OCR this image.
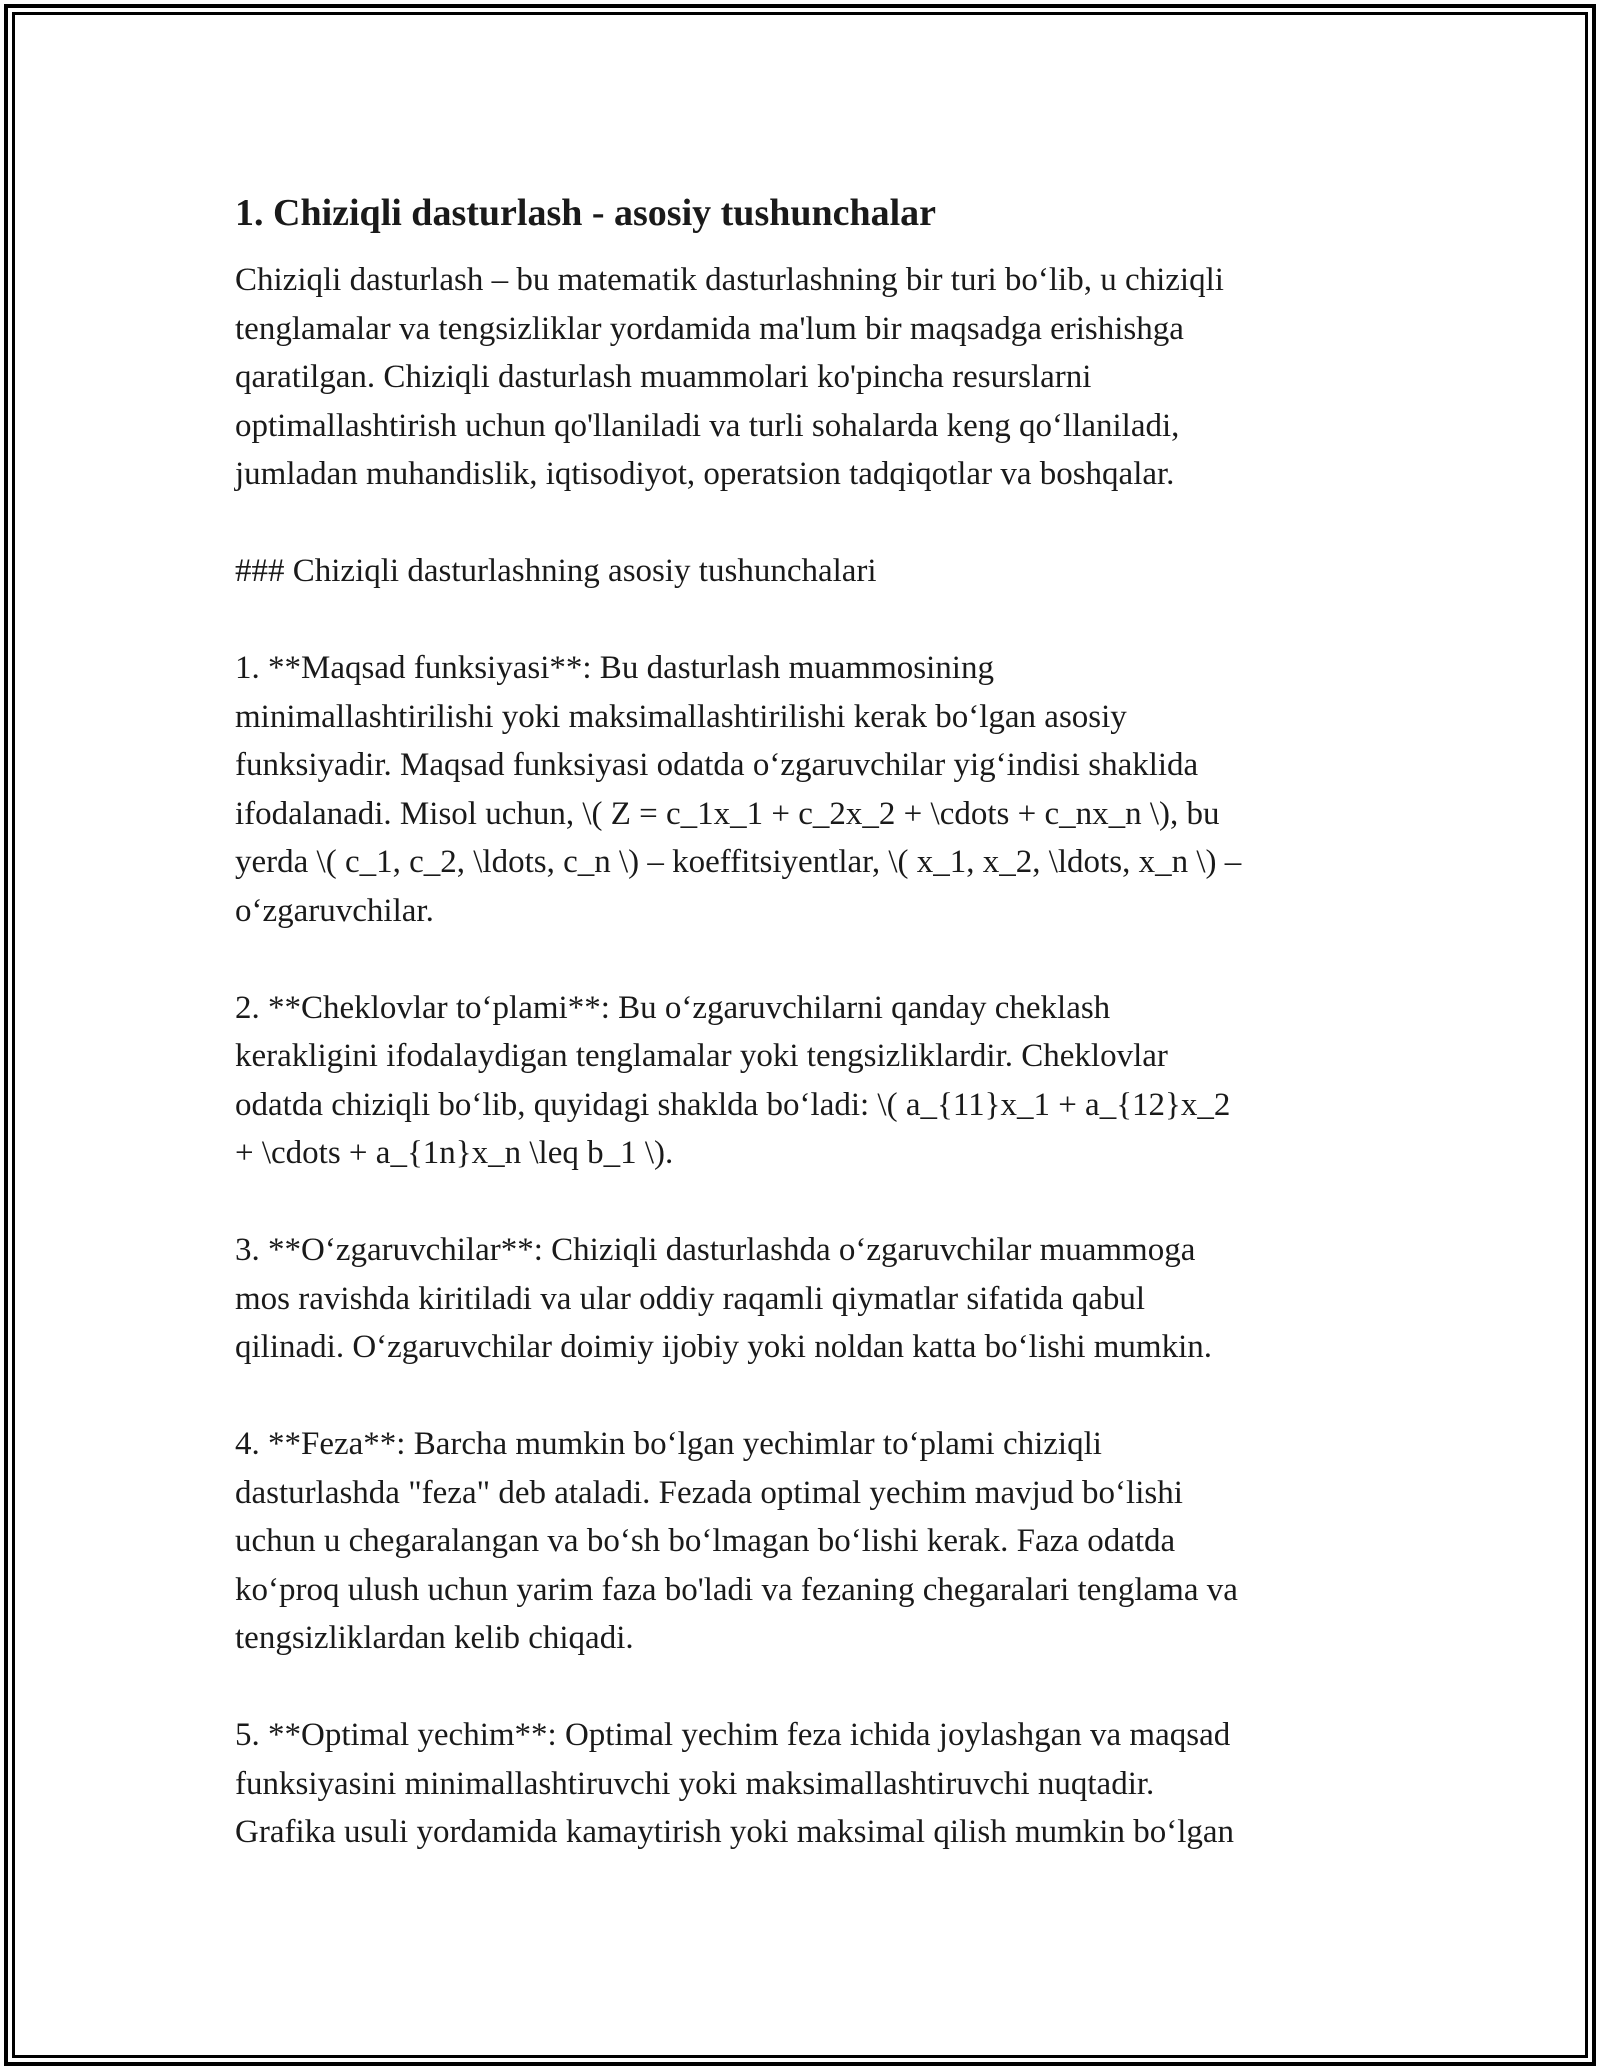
1. Chiziqli dasturlash - asosiy tushunchalar
Chiziqli dasturlash – bu matematik dasturlashning bir turi bo‘lib, u chiziqli
tenglamalar va tengsizliklar yordamida ma'lum bir maqsadga erishishga
qaratilgan. Chiziqli dasturlash muammolari ko'pincha resurslarni
optimallashtirish uchun qo'llaniladi va turli sohalarda keng qo‘llaniladi,
jumladan muhandislik, iqtisodiyot, operatsion tadqiqotlar va boshqalar.
### Chiziqli dasturlashning asosiy tushunchalari
1. **Maqsad funksiyasi**: Bu dasturlash muammosining
minimallashtirilishi yoki maksimallashtirilishi kerak bo‘lgan asosiy
funksiyadir. Maqsad funksiyasi odatda o‘zgaruvchilar yig‘indisi shaklida
ifodalanadi. Misol uchun, \( Z = c_1x_1 + c_2x_2 + \cdots + c_nx_n \), bu
yerda \( c_1, c_2, \ldots, c_n \) – koeffitsiyentlar, \( x_1, x_2, \ldots, x_n \) –
o‘zgaruvchilar.
2. **Cheklovlar to‘plami**: Bu o‘zgaruvchilarni qanday cheklash
kerakligini ifodalaydigan tenglamalar yoki tengsizliklardir. Cheklovlar
odatda chiziqli bo‘lib, quyidagi shaklda bo‘ladi: \( a_{11}x_1 + a_{12}x_2
+ \cdots + a_{1n}x_n \leq b_1 \).
3. **O‘zgaruvchilar**: Chiziqli dasturlashda o‘zgaruvchilar muammoga
mos ravishda kiritiladi va ular oddiy raqamli qiymatlar sifatida qabul
qilinadi. O‘zgaruvchilar doimiy ijobiy yoki noldan katta bo‘lishi mumkin.
4. **Feza**: Barcha mumkin bo‘lgan yechimlar to‘plami chiziqli
dasturlashda "feza" deb ataladi. Fezada optimal yechim mavjud bo‘lishi
uchun u chegaralangan va bo‘sh bo‘lmagan bo‘lishi kerak. Faza odatda
ko‘proq ulush uchun yarim faza bo'ladi va fezaning chegaralari tenglama va
tengsizliklardan kelib chiqadi.
5. **Optimal yechim**: Optimal yechim feza ichida joylashgan va maqsad
funksiyasini minimallashtiruvchi yoki maksimallashtiruvchi nuqtadir.
Grafika usuli yordamida kamaytirish yoki maksimal qilish mumkin bo‘lgan
